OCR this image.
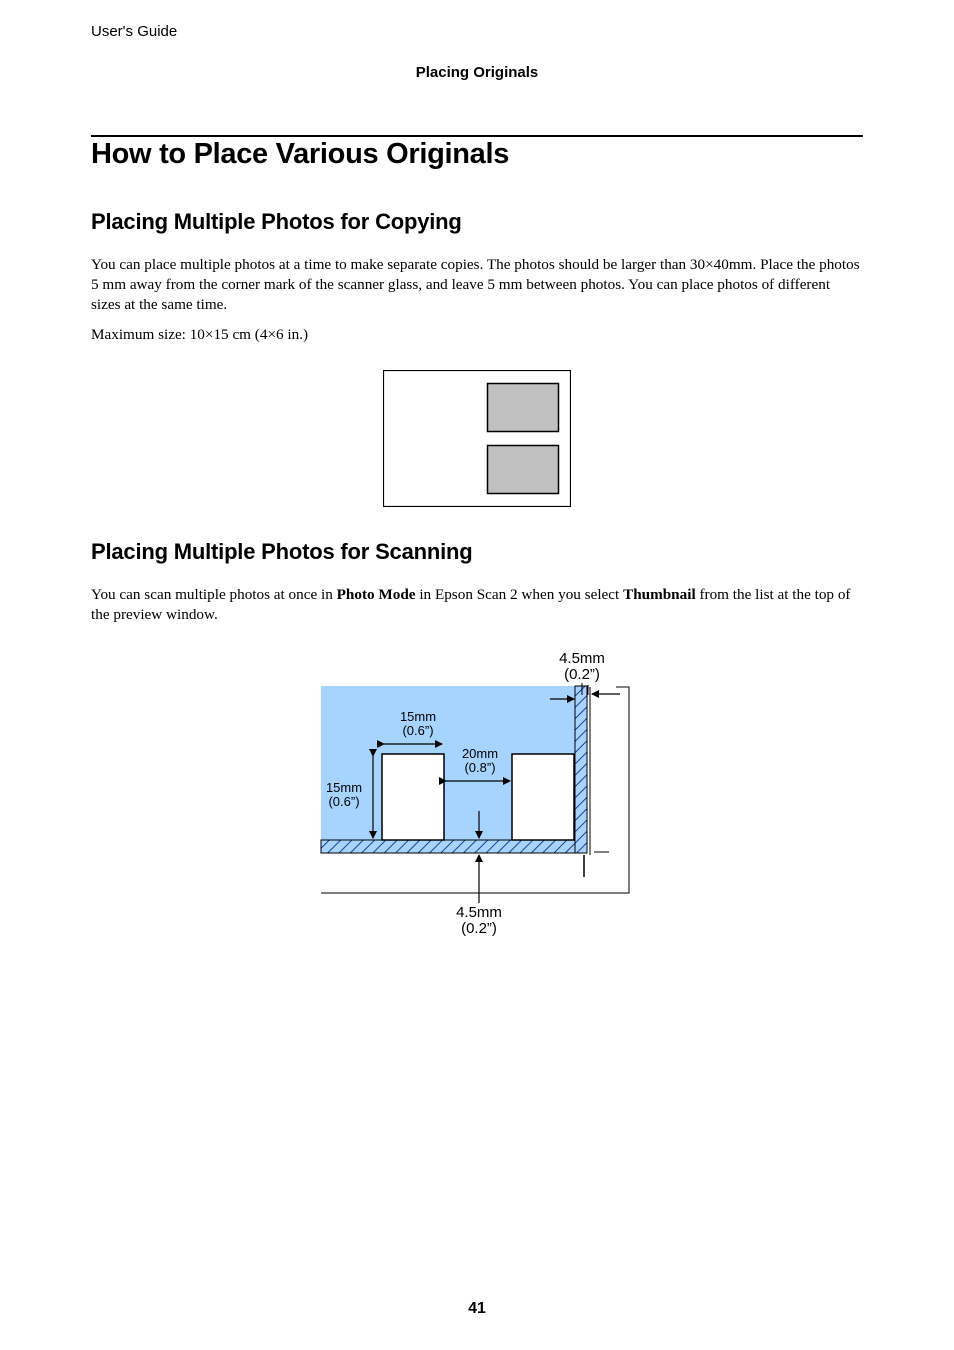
User's Guide
Placing Originals
How to Place Various Originals
Placing Multiple Photos for Copying

You can place multiple photos at a time to make separate copies. The photos should be larger than 30×40mm. Place the photos 5 mm away from the corner mark of the scanner glass, and leave 5 mm between photos. You can place photos of different sizes at the same time.

Maximum size: 10×15 cm (4×6 in.)

Placing Multiple Photos for Scanning

You can scan multiple photos at once in Photo Mode in Epson Scan 2 when you select Thumbnail from the list at the top of the preview window.

4.5mm
(0.2”)
15mm
(0.6”)
20mm
(0.8”)
15mm
(0.6”)
4.5mm
(0.2”)
41
